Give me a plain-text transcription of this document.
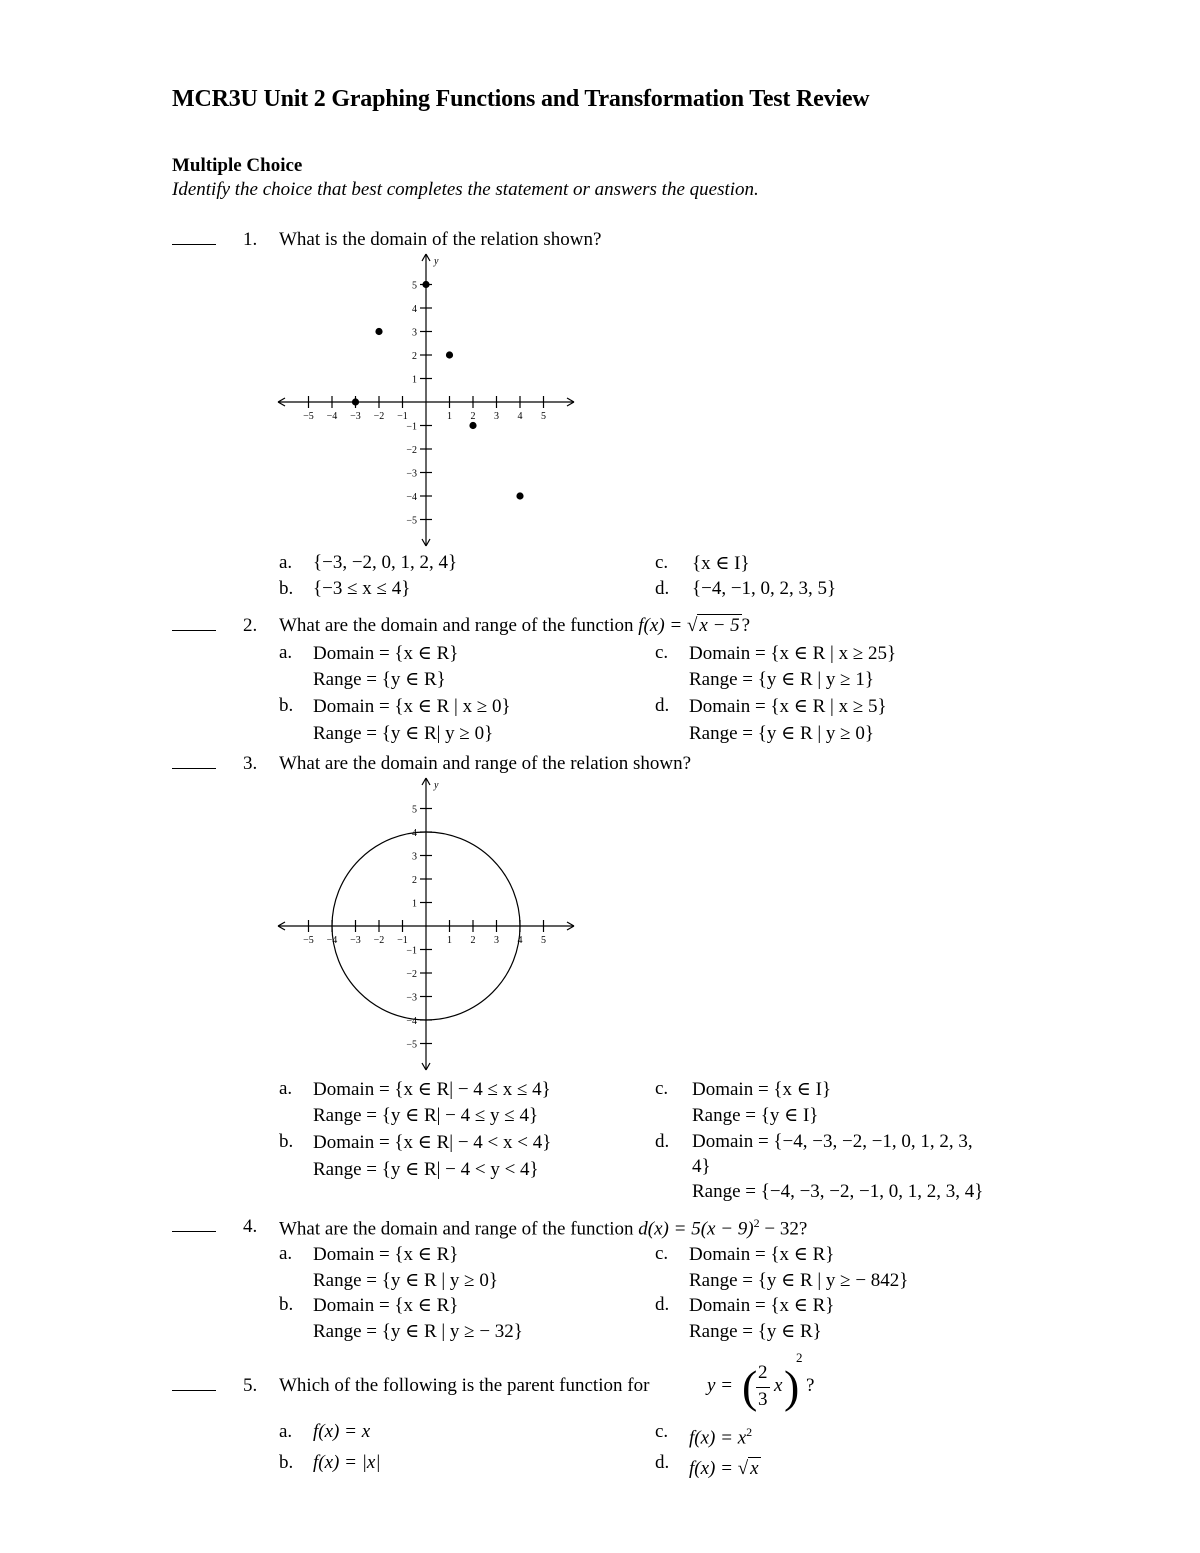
MCR3U Unit 2 Graphing Functions and Transformation Test Review
Multiple Choice
Identify the choice that best completes the statement or answers the question.
1. What is the domain of the relation shown?
y
−5 −4 −3 −2 −1	1 2 3 4 5
5
4
3
2
1
−1
−2
−3
−4
−5
a. {−3, −2, 0, 1, 2, 4}
b. {−3 ≤ x ≤ 4}
c. {x ∈ I}
d. {−4, −1, 0, 2, 3, 5}
2. What are the domain and range of the function f(x) = √ x − 5 ?
a. Domain = {x ∈ R}
Range = {y ∈ R}
b. Domain = {x ∈ R | x ≥ 0}
Range = {y ∈ R| y ≥ 0}
c. Domain = {x ∈ R | x ≥ 25}
Range = {y ∈ R | y ≥ 1}
d. Domain = {x ∈ R | x ≥ 5}
Range = {y ∈ R | y ≥ 0}
3. What are the domain and range of the relation shown?
y
−5 −4 −3 −2 −1	1 2 3 4 5
5
4
3
2
1
−1
−2
−3
−4
−5
a. Domain = {x ∈ R| − 4 ≤ x ≤ 4}
Range = {y ∈ R| − 4 ≤ y ≤ 4}
b. Domain = {x ∈ R| − 4 < x < 4}
Range = {y ∈ R| − 4 < y < 4}
c. Domain = {x ∈ I}
Range = {y ∈ I}
d. Domain = {−4, −3, −2, −1, 0, 1, 2, 3,
4}
Range = {−4, −3, −2, −1, 0, 1, 2, 3, 4}
4. What are the domain and range of the function $d(x) = 5(x - 9)^2 - 32$?
a. Domain = {x ∈ R}
Range = {y ∈ R | y ≥ 0}
b. Domain = {x ∈ R}
Range = {y ∈ R | y ≥ − 32}
c. Domain = {x ∈ R}
Range = {y ∈ R | y ≥ − 842}
d. Domain = {x ∈ R}
Range = {y ∈ R}
5. Which of the following is the parent function for	y = ( 2
3
x )
2
?
a. f(x) = x
b. f(x) = |x|
c. $f(x) = x^2$
d. f(x) = √ x
